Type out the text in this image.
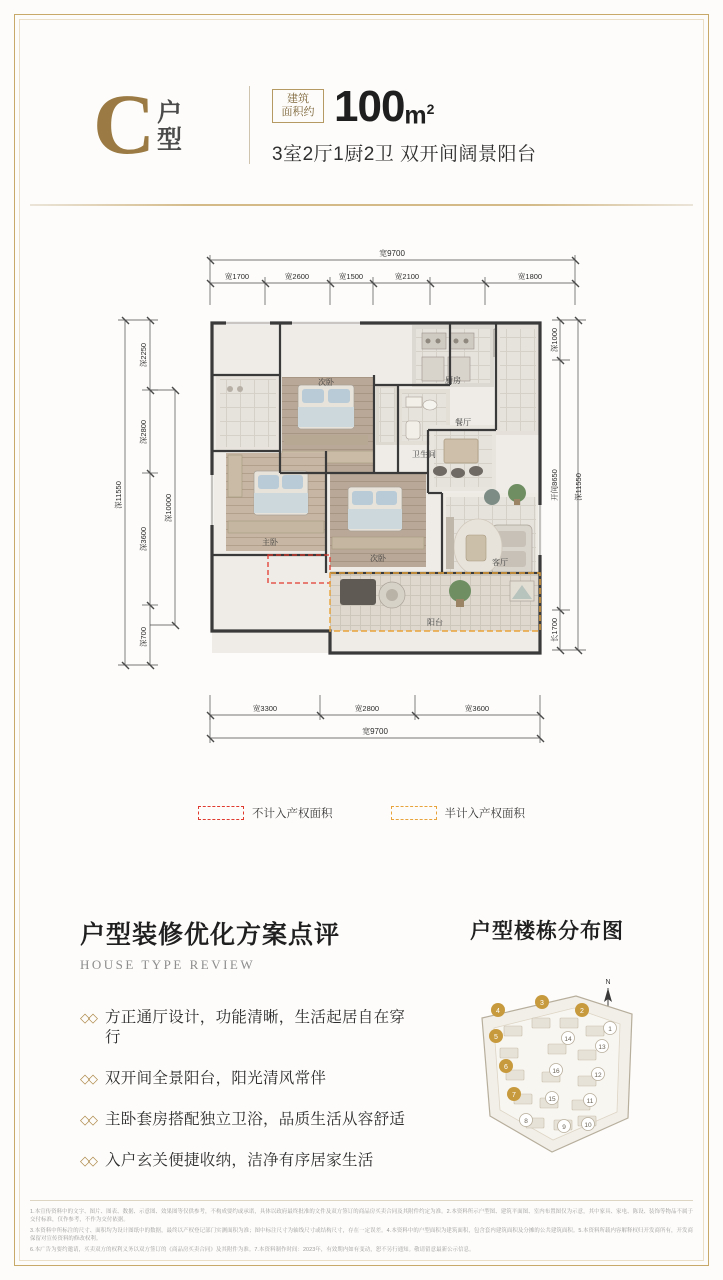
C 户
型
建筑
面积约 100 $m^2$
3室2厅1厨2卫 双开间阔景阳台
宽9700
宽1700	宽2600	宽1500	宽2100	宽1800
深2250
深2800
深3600
深700
深10000
深11550
深1000
开间8650
长1700
深11550
宽3300	宽2800	宽3600
宽9700
次卧
主卧
次卧	客厅
餐厅
厨房
卫生间
阳台
不计入产权面积	半计入产权面积
户型装修优化方案点评
HOUSE TYPE REVIEW
◇◇ 方正通厅设计，功能清晰，生活起居自在穿行
◇◇ 双开间全景阳台，阳光清风常伴
◇◇ 主卧套房搭配独立卫浴，品质生活从容舒适
◇◇ 入户玄关便捷收纳，洁净有序居家生活
户型楼栋分布图
N
4
3
2
1
5	14
13
6
16
12
7
15	11
8
9	10

1.本宣传资料中的文字、图片、图表、数据、示意图、效果图等仅供参考，不构成要约或承诺，具体以政府最终批准的文件及双方签订的商品房买卖合同及其附件约定为准。2.本资料所示户型图、建筑平面图、室内布置图仅为示意，其中家具、家电、陈设、装饰等物品不属于交付标准，仅作参考，不作为交付依据。

3.本资料中所标注的尺寸、面积均为设计图纸中的数据，最终以产权登记部门实测面积为准；图中标注尺寸为轴线尺寸或结构尺寸，存在一定误差。4.本资料中的户型面积为建筑面积，包含套内建筑面积及分摊的公共建筑面积。5.本资料所载内容解释权归开发商所有，开发商保留对宣传资料的修改权利。

6.本广告为要约邀请，买卖双方的权利义务以双方签订的《商品房买卖合同》及其附件为准。7.本资料制作时间：2023年，有效期内如有变动，恕不另行通知。敬请留意最新公示信息。
